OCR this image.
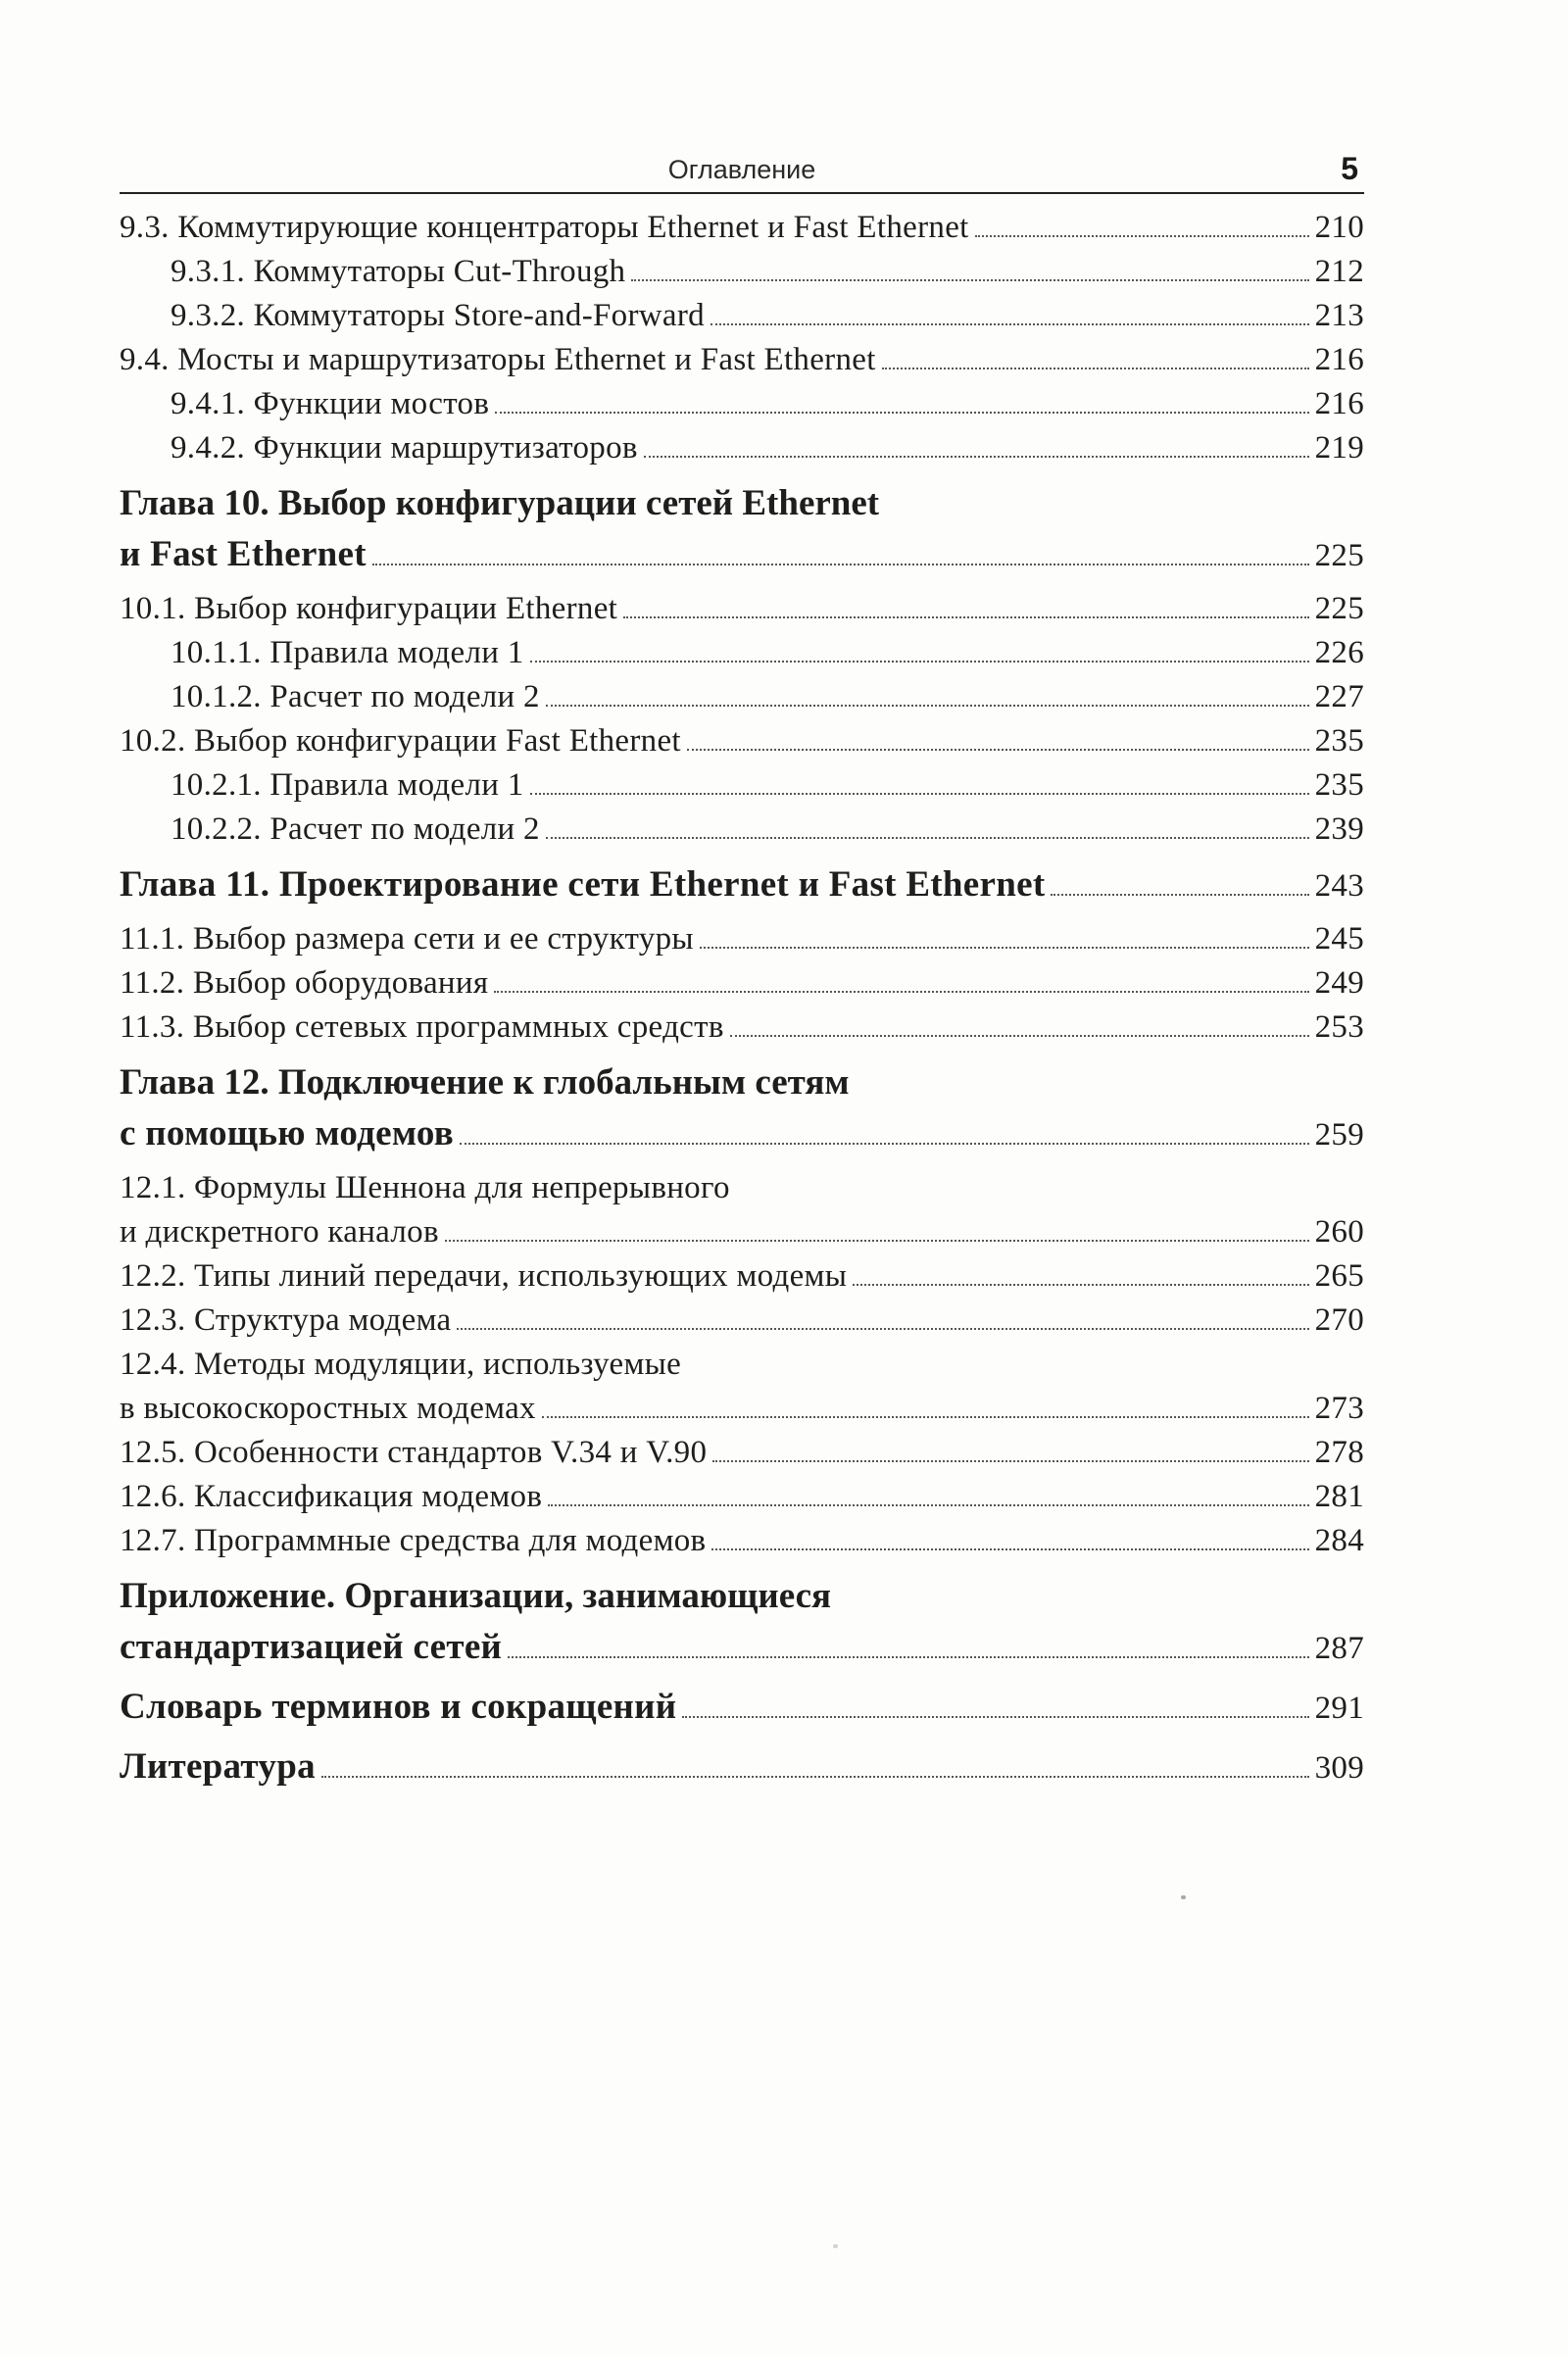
Оглавление	5
9.3. Коммутирующие концентраторы Ethernet и Fast Ethernet	210
9.3.1. Коммутаторы Cut-Through	212
9.3.2. Коммутаторы Store-and-Forward	213
9.4. Мосты и маршрутизаторы Ethernet и Fast Ethernet	216
9.4.1. Функции мостов	216
9.4.2. Функции маршрутизаторов	219
Глава 10. Выбор конфигурации сетей Ethernet
и Fast Ethernet	225
10.1. Выбор конфигурации Ethernet	225
10.1.1. Правила модели 1	226
10.1.2. Расчет по модели 2	227
10.2. Выбор конфигурации Fast Ethernet	235
10.2.1. Правила модели 1	235
10.2.2. Расчет по модели 2	239
Глава 11. Проектирование сети Ethernet и Fast Ethernet	243
11.1. Выбор размера сети и ее структуры	245
11.2. Выбор оборудования	249
11.3. Выбор сетевых программных средств	253
Глава 12. Подключение к глобальным сетям
с помощью модемов	259
12.1. Формулы Шеннона для непрерывного
и дискретного каналов	260
12.2. Типы линий передачи, использующих модемы	265
12.3. Структура модема	270
12.4. Методы модуляции, используемые
в высокоскоростных модемах	273
12.5. Особенности стандартов V.34 и V.90	278
12.6. Классификация модемов	281
12.7. Программные средства для модемов	284
Приложение. Организации, занимающиеся
стандартизацией сетей	287
Словарь терминов и сокращений	291
Литература	309
